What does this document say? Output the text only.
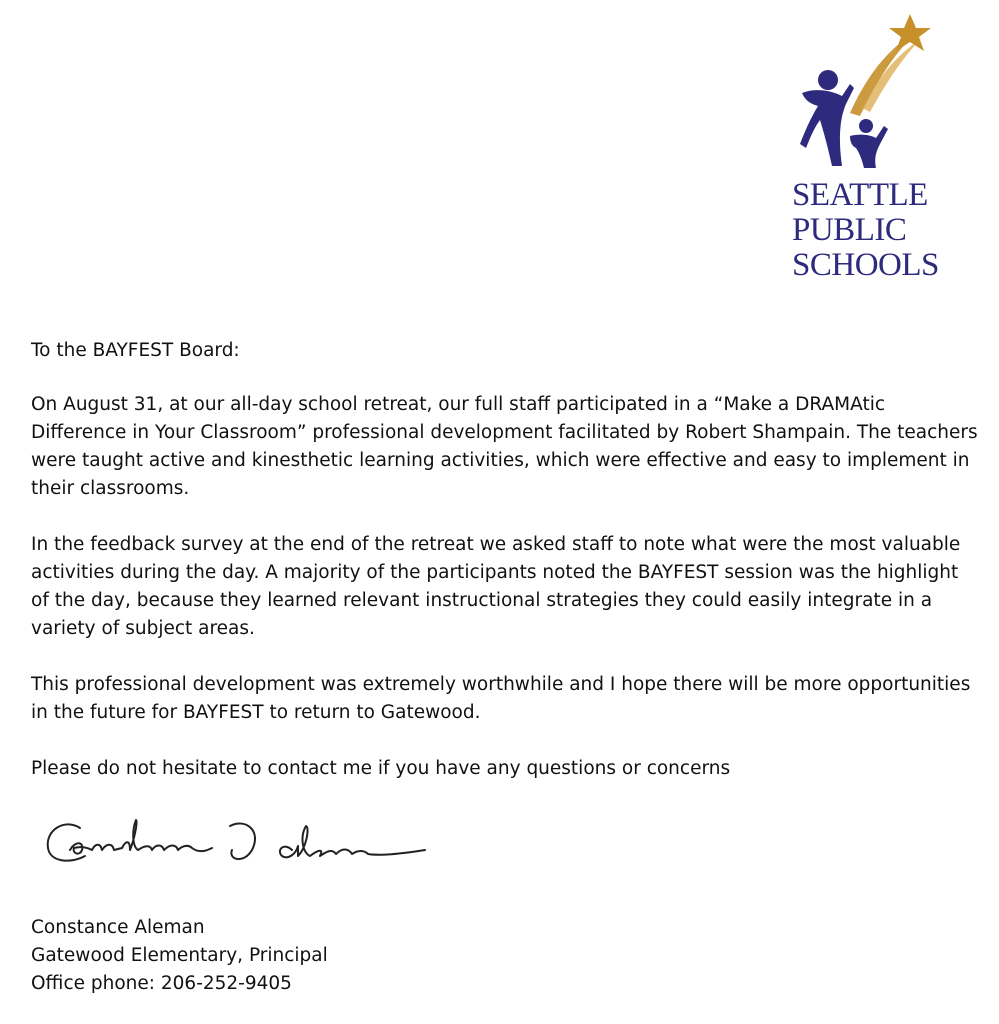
SEATTLE
PUBLIC
SCHOOLS

To the BAYFEST Board:

On August 31, at our all-day school retreat, our full staff participated in a “Make a DRAMAtic Difference in Your Classroom” professional development facilitated by Robert Shampain. The teachers were taught active and kinesthetic learning activities, which were effective and easy to implement in their classrooms.

In the feedback survey at the end of the retreat we asked staff to note what were the most valuable activities during the day. A majority of the participants noted the BAYFEST session was the highlight of the day, because they learned relevant instructional strategies they could easily integrate in a variety of subject areas.

This professional development was extremely worthwhile and I hope there will be more opportunities in the future for BAYFEST to return to Gatewood.

Please do not hesitate to contact me if you have any questions or concerns

Constance Aleman
Gatewood Elementary, Principal
Office phone: 206-252-9405
